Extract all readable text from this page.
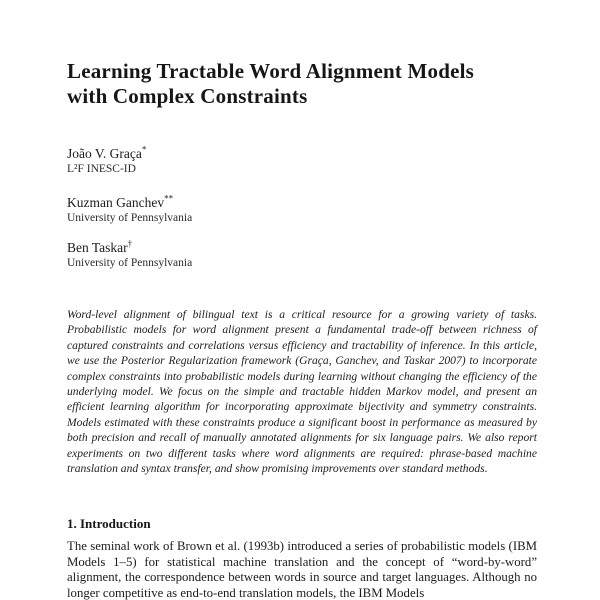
Learning Tractable Word Alignment Models
with Complex Constraints
João V. Graça*
L²F INESC-ID
Kuzman Ganchev**
University of Pennsylvania
Ben Taskar†
University of Pennsylvania

Word-level alignment of bilingual text is a critical resource for a growing variety of tasks. Probabilistic models for word alignment present a fundamental trade-off between richness of captured constraints and correlations versus efficiency and tractability of inference. In this article, we use the Posterior Regularization framework (Graça, Ganchev, and Taskar 2007) to incorporate complex constraints into probabilistic models during learning without changing the efficiency of the underlying model. We focus on the simple and tractable hidden Markov model, and present an efficient learning algorithm for incorporating approximate bijectivity and symmetry constraints. Models estimated with these constraints produce a significant boost in performance as measured by both precision and recall of manually annotated alignments for six language pairs. We also report experiments on two different tasks where word alignments are required: phrase-based machine translation and syntax transfer, and show promising improvements over standard methods.

1. Introduction

The seminal work of Brown et al. (1993b) introduced a series of probabilistic models (IBM Models 1–5) for statistical machine translation and the concept of “word-by-word” alignment, the correspondence between words in source and target languages. Although no longer competitive as end-to-end translation models, the IBM Models
